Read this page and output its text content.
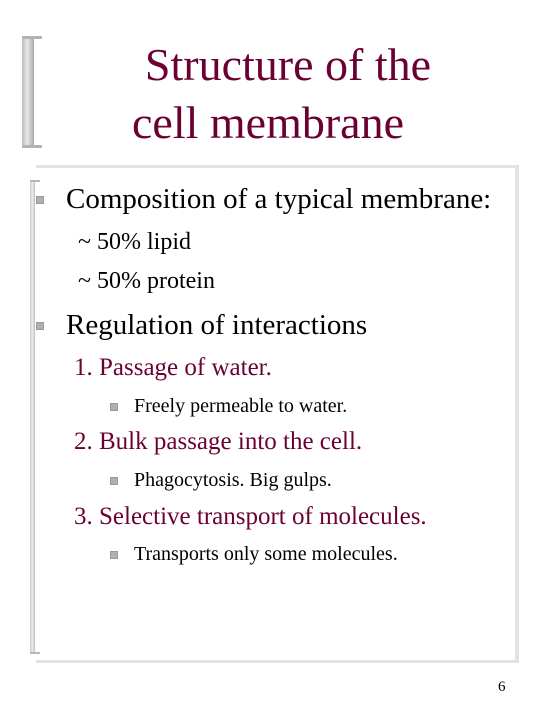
Structure of the
cell membrane
Composition of a typical membrane:
~ 50% lipid
~ 50% protein
Regulation of interactions
1. Passage of water.
Freely permeable to water.
2. Bulk passage into the cell.
Phagocytosis. Big gulps.
3. Selective transport of molecules.
Transports only some molecules.
6
